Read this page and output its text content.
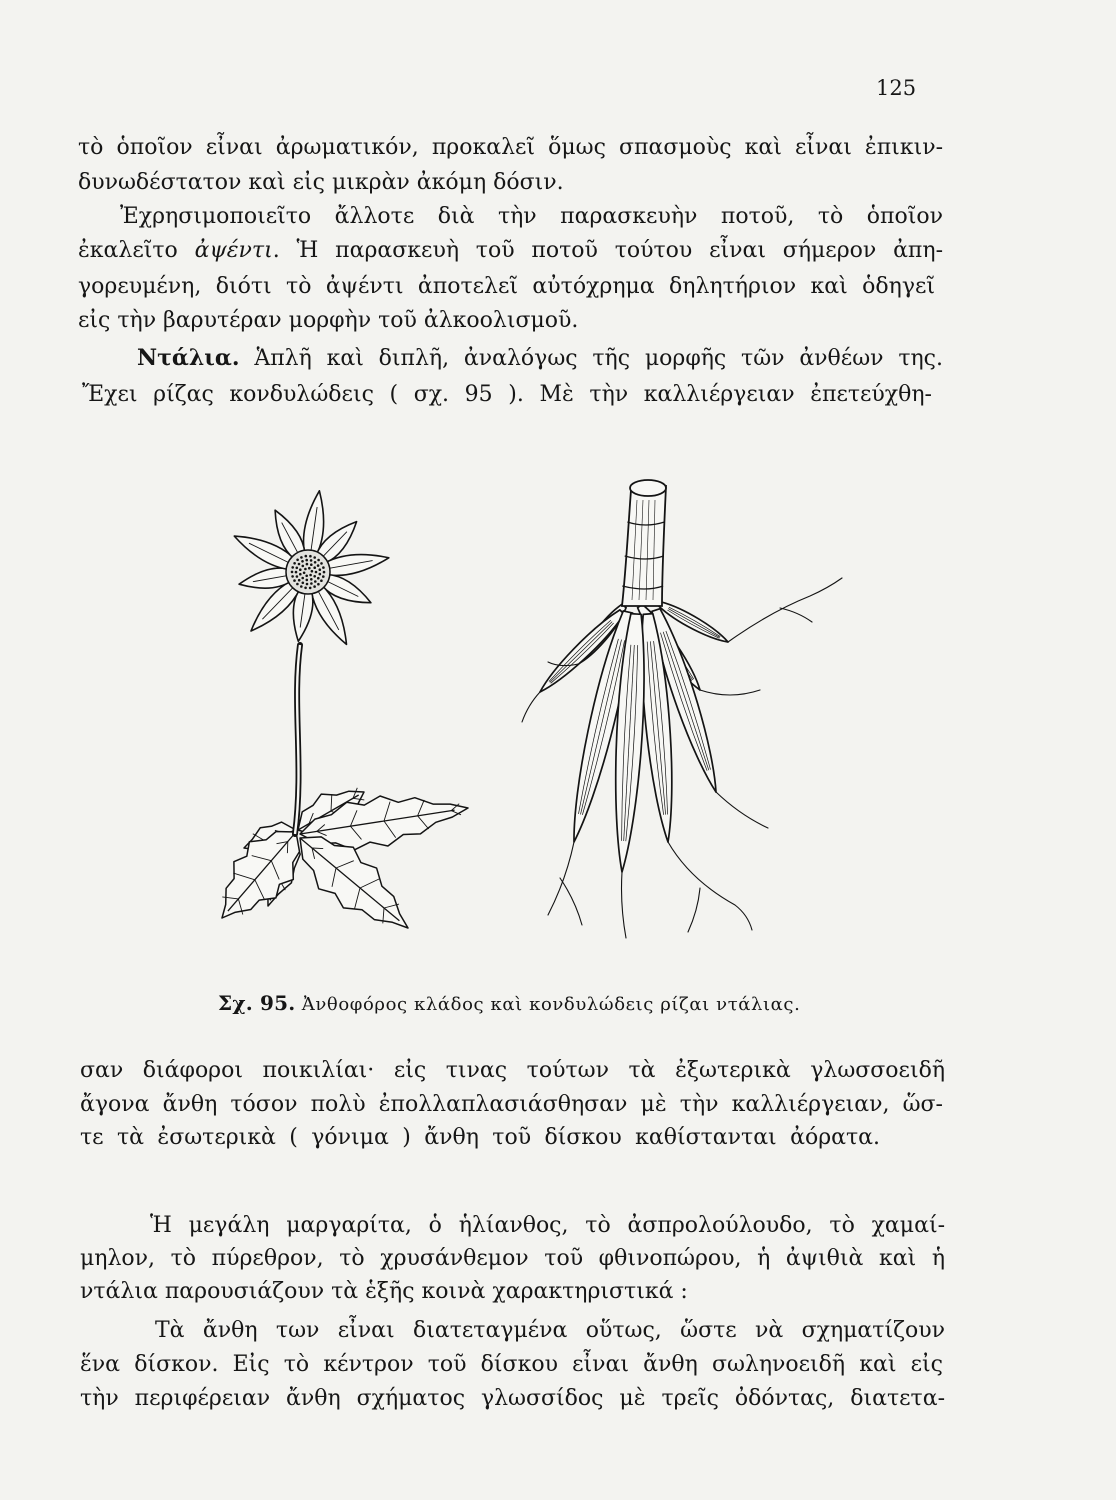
125
τὸ ὁποῖον εἶναι ἀρωματικόν, προκαλεῖ ὅμως σπασμοὺς καὶ εἶναι ἐπικιν-
δυνωδέστατον καὶ εἰς μικρὰν ἀκόμη δόσιν.
Ἐχρησιμοποιεῖτο ἄλλοτε διὰ τὴν παρασκευὴν ποτοῦ, τὸ ὁποῖον
ἐκαλεῖτο ἀψέντι. Ἡ παρασκευὴ τοῦ ποτοῦ τούτου εἶναι σήμερον ἀπη-
γορευμένη, διότι τὸ ἀψέντι ἀποτελεῖ αὐτόχρημα δηλητήριον καὶ ὁδηγεῖ
εἰς τὴν βαρυτέραν μορφὴν τοῦ ἀλκοολισμοῦ.
Ντάλια. Ἁπλῆ καὶ διπλῆ, ἀναλόγως τῆς μορφῆς τῶν ἀνθέων της.
Ἔχει ρίζας κονδυλώδεις ( σχ. 95 ). Μὲ τὴν καλλιέργειαν ἐπετεύχθη-
Σχ. 95. Ἀνθοφόρος κλάδος καὶ κονδυλώδεις ρίζαι ντάλιας.
σαν διάφοροι ποικιλίαι· εἰς τινας τούτων τὰ ἐξωτερικὰ γλωσσοειδῆ
ἄγονα ἄνθη τόσον πολὺ ἐπολλαπλασιάσθησαν μὲ τὴν καλλιέργειαν, ὥσ-
τε τὰ ἐσωτερικὰ ( γόνιμα ) ἄνθη τοῦ δίσκου καθίστανται ἀόρατα.
Ἡ μεγάλη μαργαρίτα, ὁ ἡλίανθος, τὸ ἀσπρολούλουδο, τὸ χαμαί-
μηλον, τὸ πύρεθρον, τὸ χρυσάνθεμον τοῦ φθινοπώρου, ἡ ἀψιθιὰ καὶ ἡ
ντάλια παρουσιάζουν τὰ ἑξῆς κοινὰ χαρακτηριστικά :
Τὰ ἄνθη των εἶναι διατεταγμένα οὕτως, ὥστε νὰ σχηματίζουν
ἕνα δίσκον. Εἰς τὸ κέντρον τοῦ δίσκου εἶναι ἄνθη σωληνοειδῆ καὶ εἰς
τὴν περιφέρειαν ἄνθη σχήματος γλωσσίδος μὲ τρεῖς ὀδόντας, διατετα-
